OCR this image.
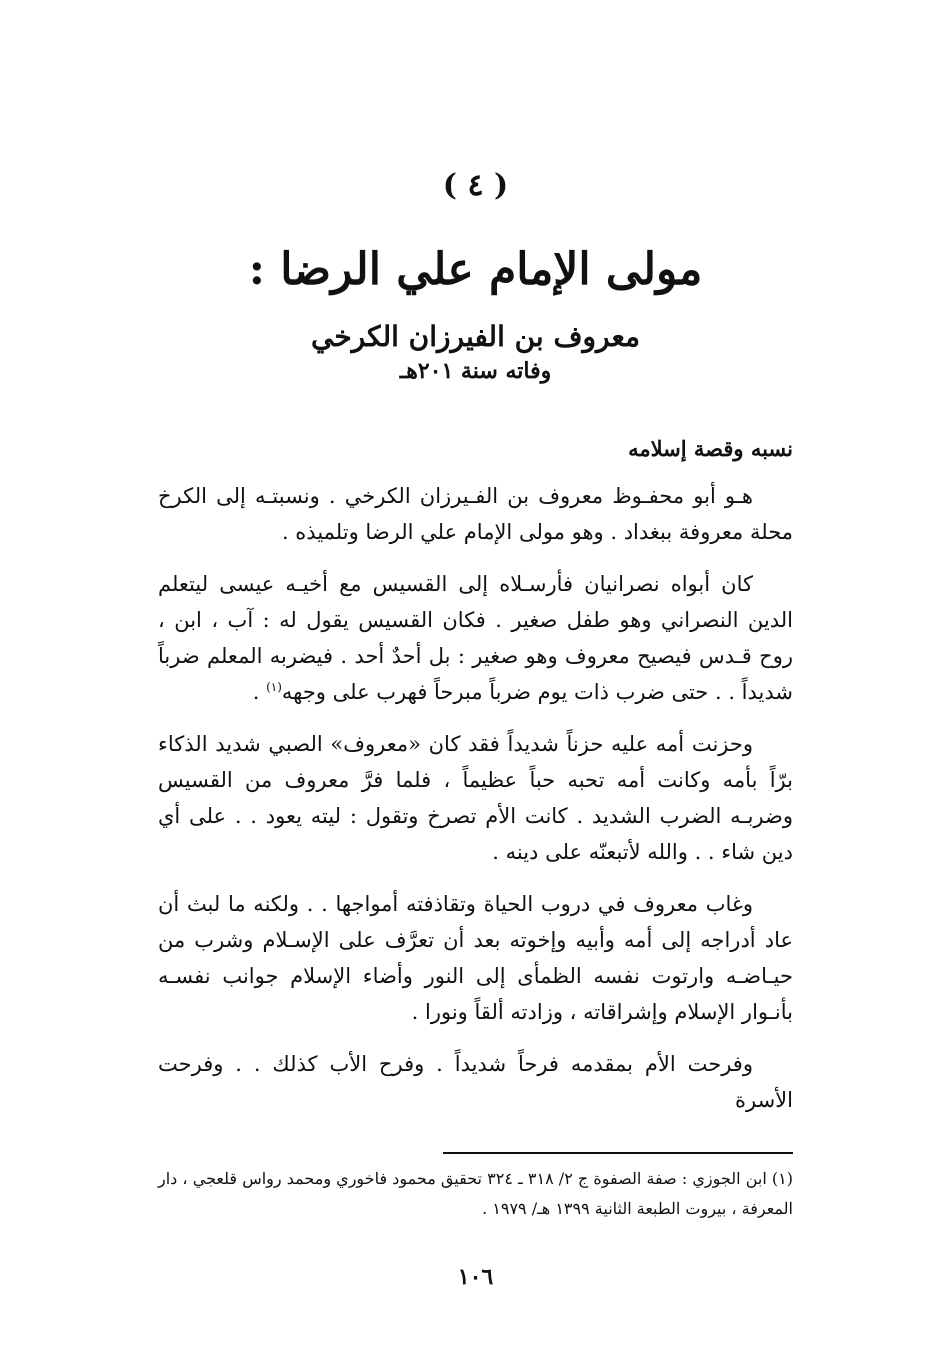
( ٤ )
مولى الإمام علي الرضا :
معروف بن الفيرزان الكرخي
وفاته سنة ٢٠١هـ
نسبه وقصة إسلامه

هـو أبو محفـوظ معروف بن الفـيرزان الكرخي . ونسبتـه إلى الكرخ محلة معروفة ببغداد . وهو مولى الإمام علي الرضا وتلميذه .

كان أبواه نصرانيان فأرسـلاه إلى القسيس مع أخيـه عيسى ليتعلم الدين النصراني وهو طفل صغير . فكان القسيس يقول له : آب ، ابن ، روح قـدس فيصيح معروف وهو صغير : بل أحدٌ أحد . فيضربه المعلم ضرباً شديداً . . حتى ضرب ذات يوم ضرباً مبرحاً فهرب على وجهه$^{(١)}$ .

وحزنت أمه عليه حزناً شديداً فقد كان «معروف» الصبي شديد الذكاء برّاً بأمه وكانت أمه تحبه حباً عظيماً ، فلما فرَّ معروف من القسيس وضربـه الضرب الشديد . كانت الأم تصرخ وتقول : ليته يعود . . على أي دين شاء . . والله لأتبعنّه على دينه .

وغاب معروف في دروب الحياة وتقاذفته أمواجها . . ولكنه ما لبث أن عاد أدراجه إلى أمه وأبيه وإخوته بعد أن تعرَّف على الإسـلام وشرب من حيـاضـه وارتوت نفسه الظمأى إلى النور وأضاء الإسلام جوانب نفسـه بأنـوار الإسلام وإشراقاته ، وزادته ألقاً ونورا .

وفرحت الأم بمقدمه فرحاً شديداً . وفرح الأب كذلك . . وفرحت الأسرة

(١) ابن الجوزي : صفة الصفوة ج ٢/ ٣١٨ ـ ٣٢٤ تحقيق محمود فاخوري ومحمد رواس قلعجي ، دار المعرفة ، بيروت الطبعة الثانية ١٣٩٩ هـ/ ١٩٧٩ .
١٠٦
